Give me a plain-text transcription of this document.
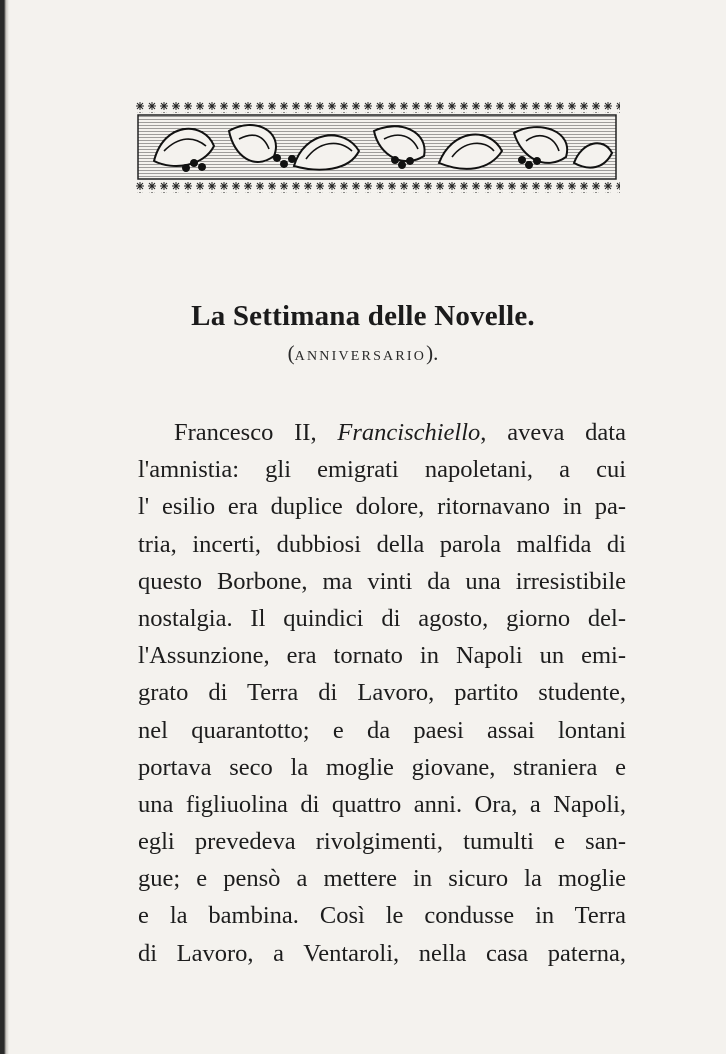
La Settimana delle Novelle.
(ANNIVERSARIO).
Francesco II, Francischiello, aveva data
l'amnistia: gli emigrati napoletani, a cui
l' esilio era duplice dolore, ritornavano in pa-
tria, incerti, dubbiosi della parola malfida di
questo Borbone, ma vinti da una irresistibile
nostalgia. Il quindici di agosto, giorno del-
l'Assunzione, era tornato in Napoli un emi-
grato di Terra di Lavoro, partito studente,
nel quarantotto; e da paesi assai lontani
portava seco la moglie giovane, straniera e
una figliuolina di quattro anni. Ora, a Napoli,
egli prevedeva rivolgimenti, tumulti e san-
gue; e pensò a mettere in sicuro la moglie
e la bambina. Così le condusse in Terra
di Lavoro, a Ventaroli, nella casa paterna,
